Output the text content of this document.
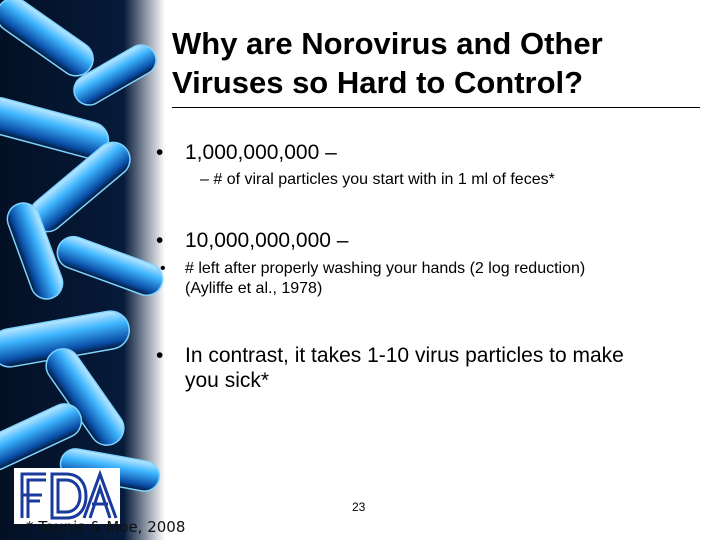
Why are Norovirus and Other
Viruses so Hard to Control?
• 1,000,000,000 –
– # of viral particles you start with in 1 ml of feces*
• 10,000,000,000 –
• # left after properly washing your hands (2 log reduction)
(Ayliffe et al., 1978)
• In contrast, it takes 1-10 virus particles to make
you sick*
23
* Teunis & Moe, 2008
